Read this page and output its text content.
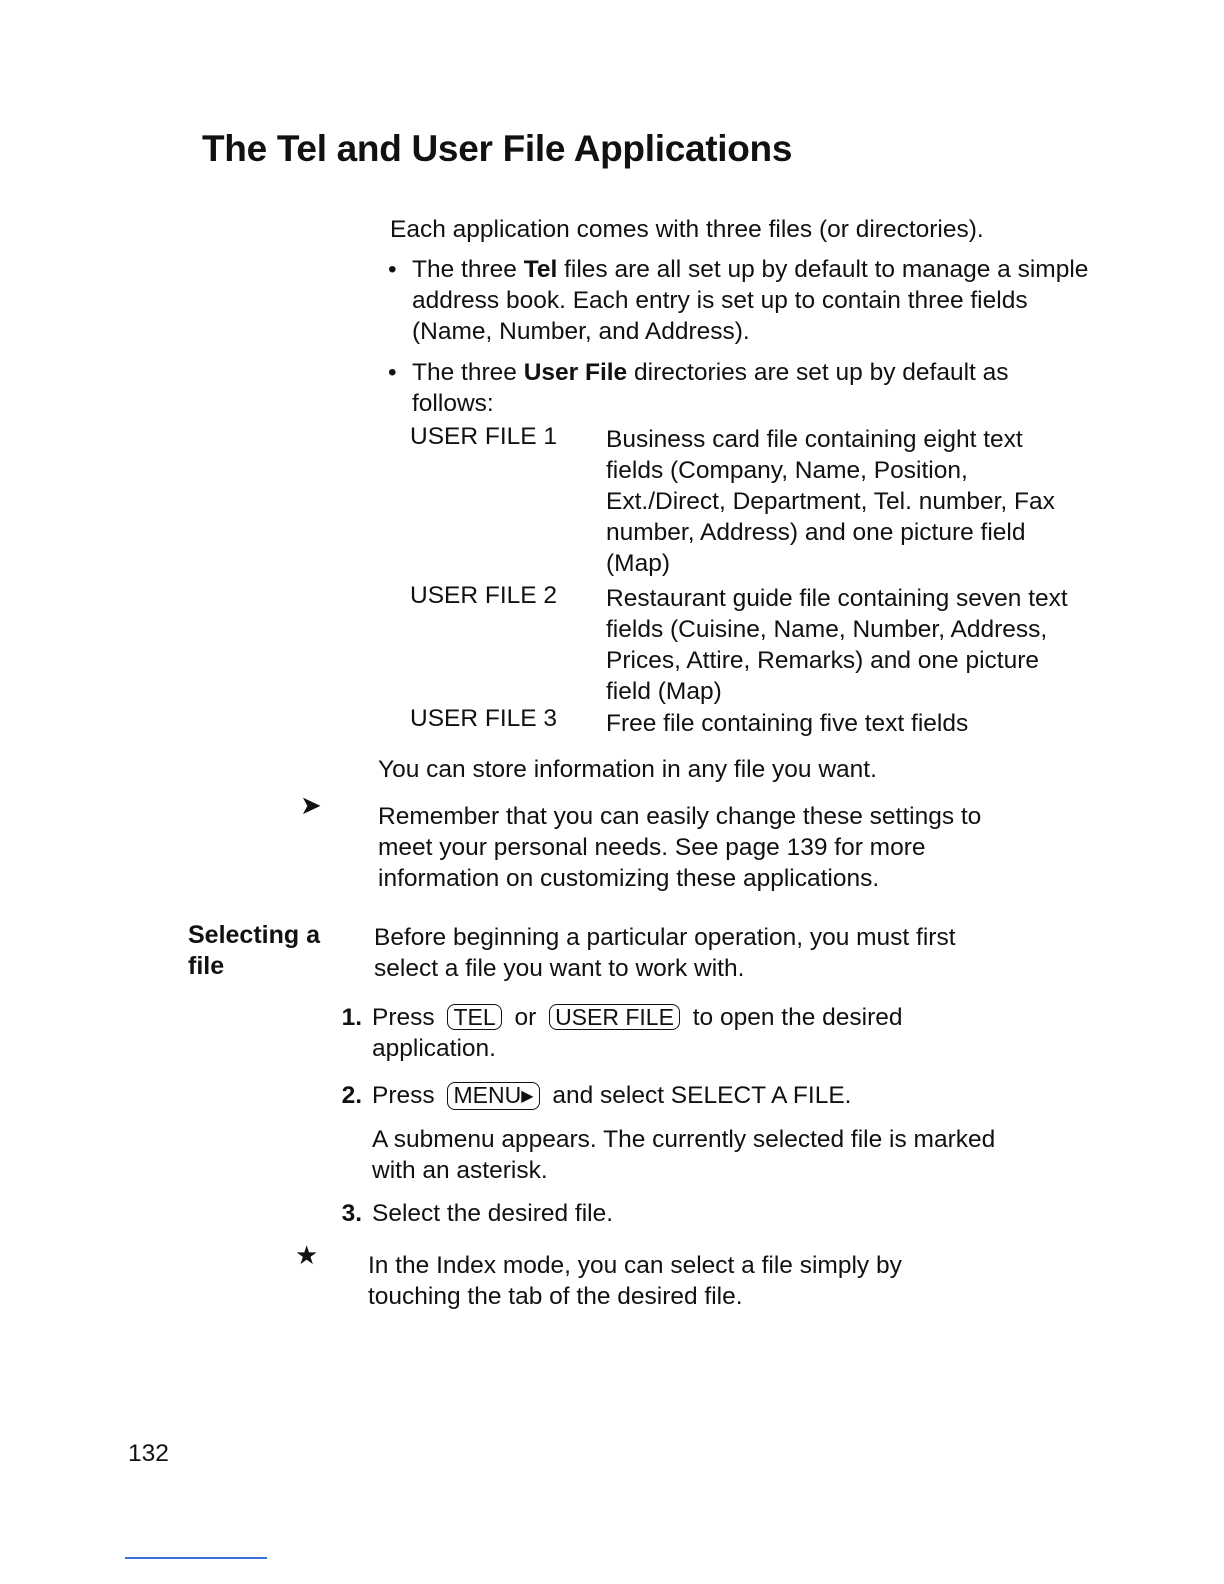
The Tel and User File Applications
Each application comes with three files (or directories).
• The three Tel files are all set up by default to manage a simple address book. Each entry is set up to contain three fields (Name, Number, and Address).
• The three User File directories are set up by default as follows:
USER FILE 1	Business card file containing eight text fields (Company, Name, Position, Ext./Direct, Department, Tel. number, Fax number, Address) and one picture field (Map)
USER FILE 2	Restaurant guide file containing seven text fields (Cuisine, Name, Number, Address, Prices, Attire, Remarks) and one picture field (Map)
USER FILE 3	Free file containing five text fields
You can store information in any file you want.
➤ Remember that you can easily change these settings to meet your personal needs. See page 139 for more information on customizing these applications.
Selecting a
file
Before beginning a particular operation, you must first select a file you want to work with.
1. Press TEL or USER FILE to open the desired application.
2. Press MENU▶ and select SELECT A FILE.
A submenu appears. The currently selected file is marked with an asterisk.
3. Select the desired file.
★ In the Index mode, you can select a file simply by touching the tab of the desired file.
132
